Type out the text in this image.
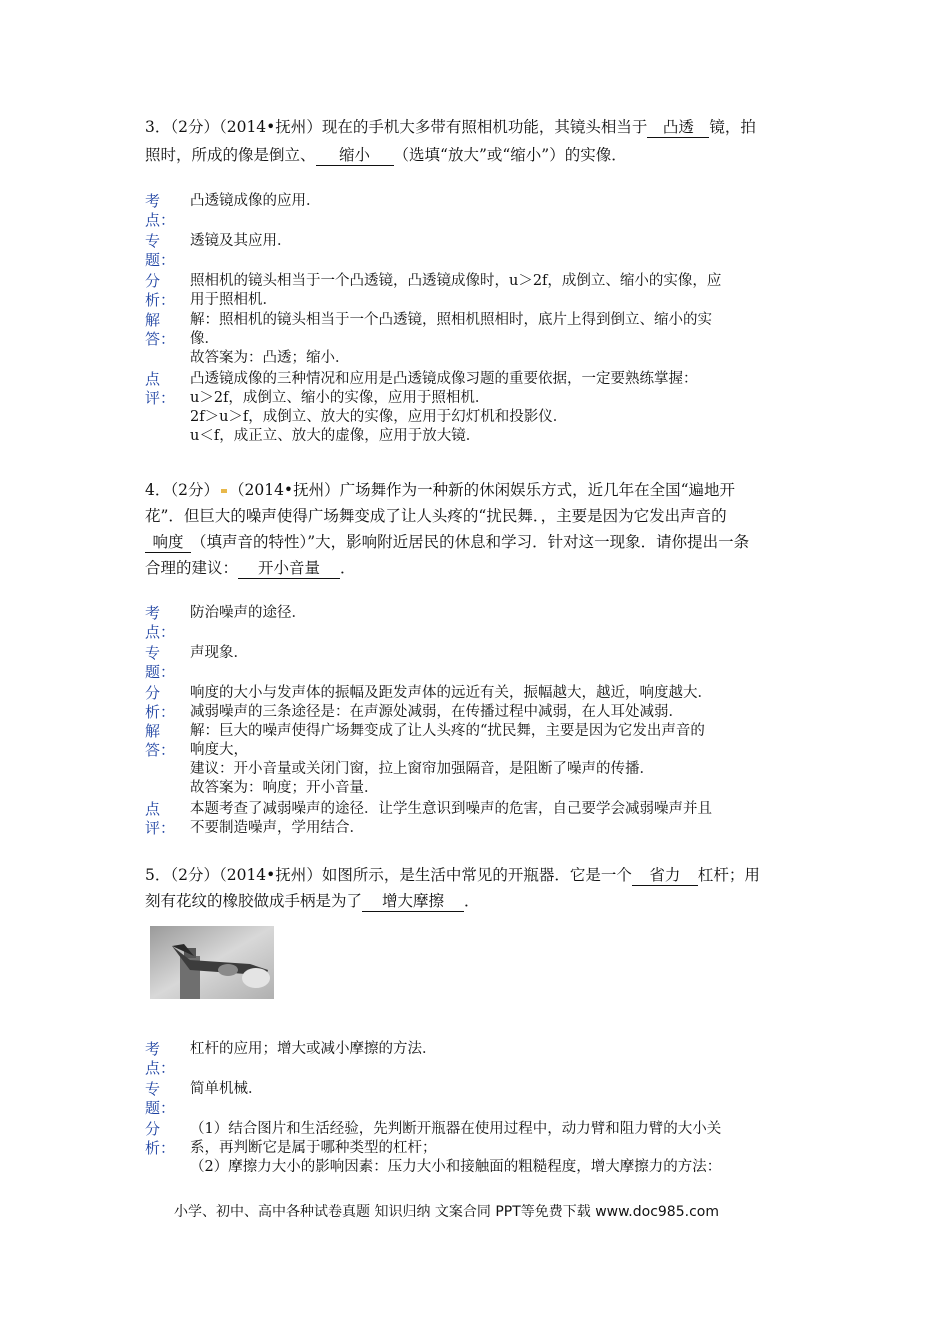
3．（2分）（2014•抚州）现在的手机大多带有照相机功能，其镜头相当于 凸透 镜，拍
照时，所成的像是倒立、 缩小 （选填“放大”或“缩小”）的实像．
考
点：
凸透镜成像的应用．
专
题：
透镜及其应用．
分
析：
照相机的镜头相当于一个凸透镜，凸透镜成像时，u＞2f，成倒立、缩小的实像，应
用于照相机．
解
答：
解：照相机的镜头相当于一个凸透镜，照相机照相时，底片上得到倒立、缩小的实
像．
故答案为：凸透；缩小．
点
评：
凸透镜成像的三种情况和应用是凸透镜成像习题的重要依据，一定要熟练掌握：
u＞2f，成倒立、缩小的实像，应用于照相机．
2f＞u＞f，成倒立、放大的实像，应用于幻灯机和投影仪．
u＜f，成正立、放大的虚像，应用于放大镜．
4．（2分） （2014•抚州）广场舞作为一种新的休闲娱乐方式，近几年在全国“遍地开
花”．但巨大的噪声使得广场舞变成了让人头疼的“扰民舞．，主要是因为它发出声音的
响度 （填声音的特性）”大，影响附近居民的休息和学习．针对这一现象．请你提出一条
合理的建议： 开小音量 ．
考
点：
防治噪声的途径．
专
题：
声现象．
分
析：
响度的大小与发声体的振幅及距发声体的远近有关，振幅越大，越近，响度越大．
减弱噪声的三条途径是：在声源处减弱，在传播过程中减弱，在人耳处减弱．
解
答：
解：巨大的噪声使得广场舞变成了让人头疼的“扰民舞，主要是因为它发出声音的
响度大，
建议：开小音量或关闭门窗，拉上窗帘加强隔音，是阻断了噪声的传播．
故答案为：响度；开小音量．
点
评：
本题考查了减弱噪声的途径．让学生意识到噪声的危害，自己要学会减弱噪声并且
不要制造噪声，学用结合．
5．（2分）（2014•抚州）如图所示，是生活中常见的开瓶器．它是一个 省力 杠杆；用
刻有花纹的橡胶做成手柄是为了 增大摩擦 ．
考
点：
杠杆的应用；增大或减小摩擦的方法．
专
题：
简单机械．
分
析：
（1）结合图片和生活经验，先判断开瓶器在使用过程中，动力臂和阻力臂的大小关
系，再判断它是属于哪种类型的杠杆；
（2）摩擦力大小的影响因素：压力大小和接触面的粗糙程度，增大摩擦力的方法：
小学、初中、高中各种试卷真题 知识归纳 文案合同 PPT等免费下载 www.doc985.com
